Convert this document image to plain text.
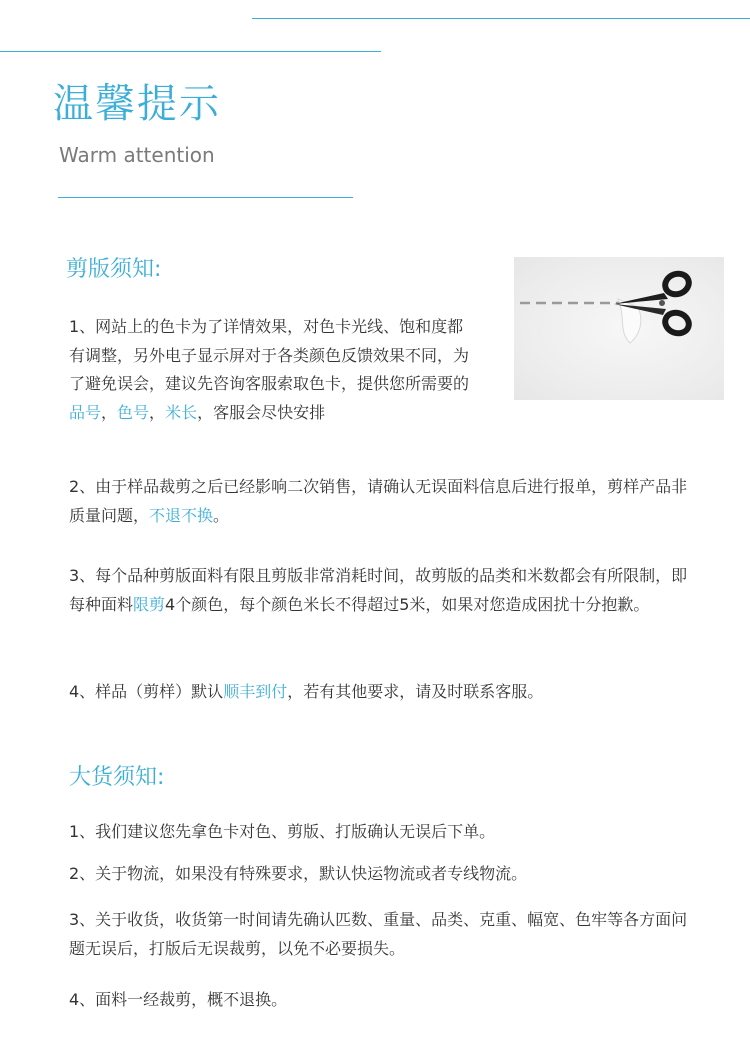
温馨提示
Warm attention
剪版须知:
1、网站上的色卡为了详情效果，对色卡光线、饱和度都有调整，另外电子显示屏对于各类颜色反馈效果不同，为了避免误会，建议先咨询客服索取色卡，提供您所需要的品号，色号，米长，客服会尽快安排
2、由于样品裁剪之后已经影响二次销售，请确认无误面料信息后进行报单，剪样产品非质量问题，不退不换。
3、每个品种剪版面料有限且剪版非常消耗时间，故剪版的品类和米数都会有所限制，即每种面料限剪4个颜色，每个颜色米长不得超过5米，如果对您造成困扰十分抱歉。
4、样品（剪样）默认顺丰到付，若有其他要求，请及时联系客服。
大货须知:
1、我们建议您先拿色卡对色、剪版、打版确认无误后下单。
2、关于物流，如果没有特殊要求，默认快运物流或者专线物流。
3、关于收货，收货第一时间请先确认匹数、重量、品类、克重、幅宽、色牢等各方面问题无误后，打版后无误裁剪，以免不必要损失。
4、面料一经裁剪，概不退换。
